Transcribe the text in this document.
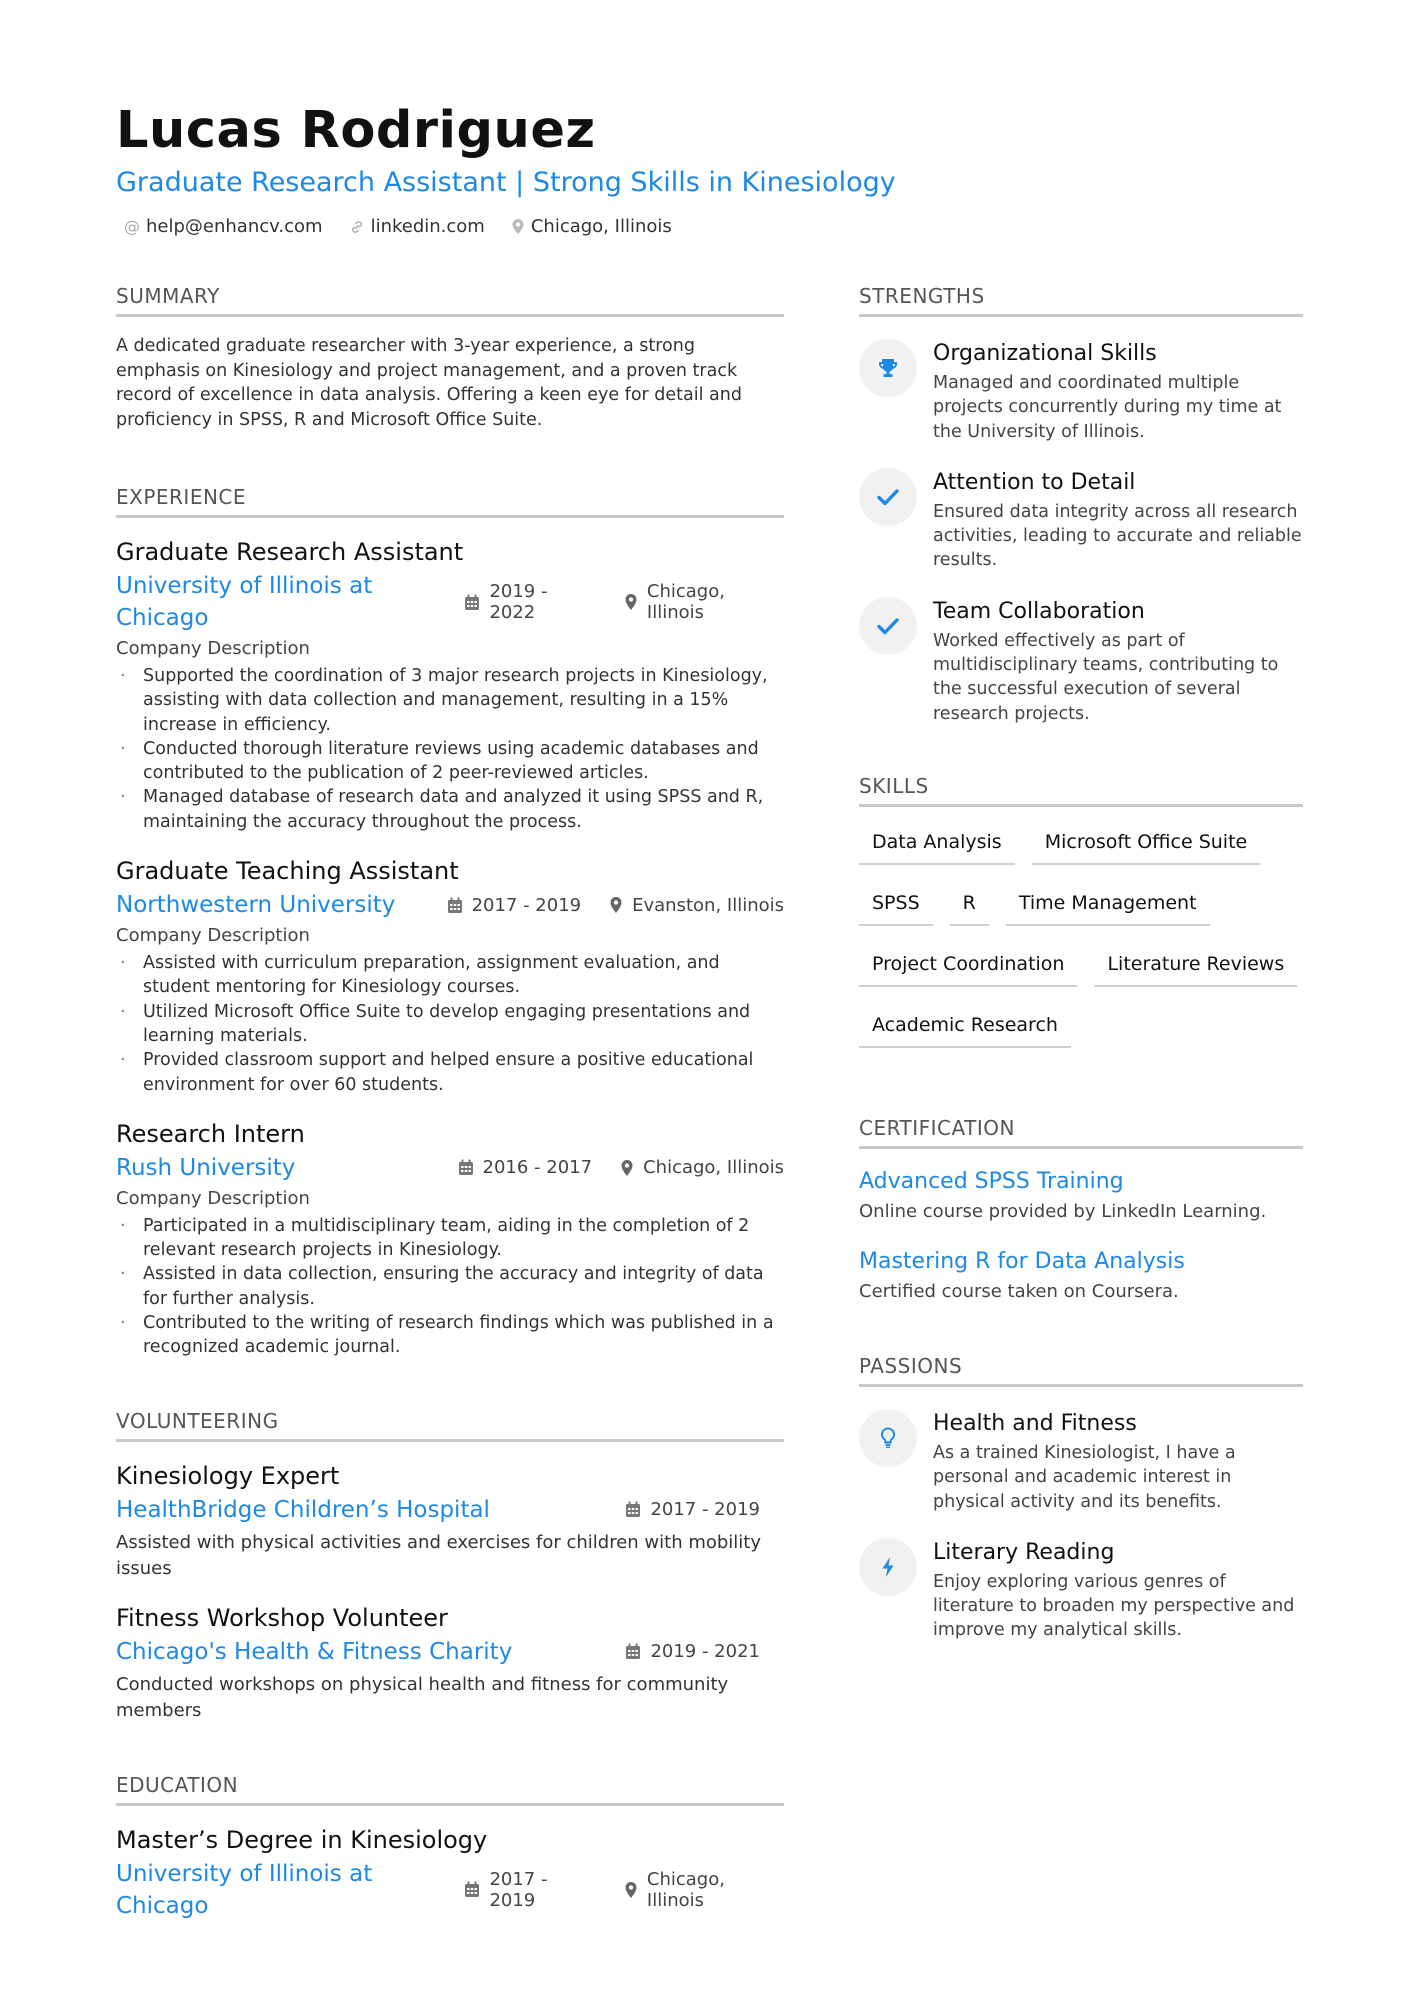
Lucas Rodriguez
Graduate Research Assistant | Strong Skills in Kinesiology
@ help@enhancv.com	linkedin.com	Chicago, Illinois
SUMMARY
A dedicated graduate researcher with 3-year experience, a strong emphasis on Kinesiology and project management, and a proven track record of excellence in data analysis. Offering a keen eye for detail and proficiency in SPSS, R and Microsoft Office Suite.
EXPERIENCE
Graduate Research Assistant
University of Illinois at Chicago
2019 - 2022
Chicago, Illinois
Company Description
· Supported the coordination of 3 major research projects in Kinesiology, assisting with data collection and management, resulting in a 15% increase in efficiency.
· Conducted thorough literature reviews using academic databases and contributed to the publication of 2 peer-reviewed articles.
· Managed database of research data and analyzed it using SPSS and R, maintaining the accuracy throughout the process.
Graduate Teaching Assistant
Northwestern University	2017 - 2019	Evanston, Illinois
Company Description
· Assisted with curriculum preparation, assignment evaluation, and student mentoring for Kinesiology courses.
· Utilized Microsoft Office Suite to develop engaging presentations and learning materials.
· Provided classroom support and helped ensure a positive educational environment for over 60 students.
Research Intern
Rush University	2016 - 2017	Chicago, Illinois
Company Description
· Participated in a multidisciplinary team, aiding in the completion of 2 relevant research projects in Kinesiology.
· Assisted in data collection, ensuring the accuracy and integrity of data for further analysis.
· Contributed to the writing of research findings which was published in a recognized academic journal.
VOLUNTEERING
Kinesiology Expert
HealthBridge Children’s Hospital	2017 - 2019
Assisted with physical activities and exercises for children with mobility issues
Fitness Workshop Volunteer
Chicago's Health & Fitness Charity	2019 - 2021
Conducted workshops on physical health and fitness for community members
EDUCATION
Master’s Degree in Kinesiology
University of Illinois at Chicago
2017 - 2019
Chicago, Illinois
STRENGTHS
Organizational Skills
Managed and coordinated multiple projects concurrently during my time at the University of Illinois.
Attention to Detail
Ensured data integrity across all research activities, leading to accurate and reliable results.
Team Collaboration
Worked effectively as part of multidisciplinary teams, contributing to the successful execution of several research projects.
SKILLS
Data Analysis	Microsoft Office Suite
SPSS	R	Time Management
Project Coordination	Literature Reviews
Academic Research
CERTIFICATION
Advanced SPSS Training
Online course provided by LinkedIn Learning.
Mastering R for Data Analysis
Certified course taken on Coursera.
PASSIONS
Health and Fitness
As a trained Kinesiologist, I have a personal and academic interest in physical activity and its benefits.
Literary Reading
Enjoy exploring various genres of literature to broaden my perspective and improve my analytical skills.
